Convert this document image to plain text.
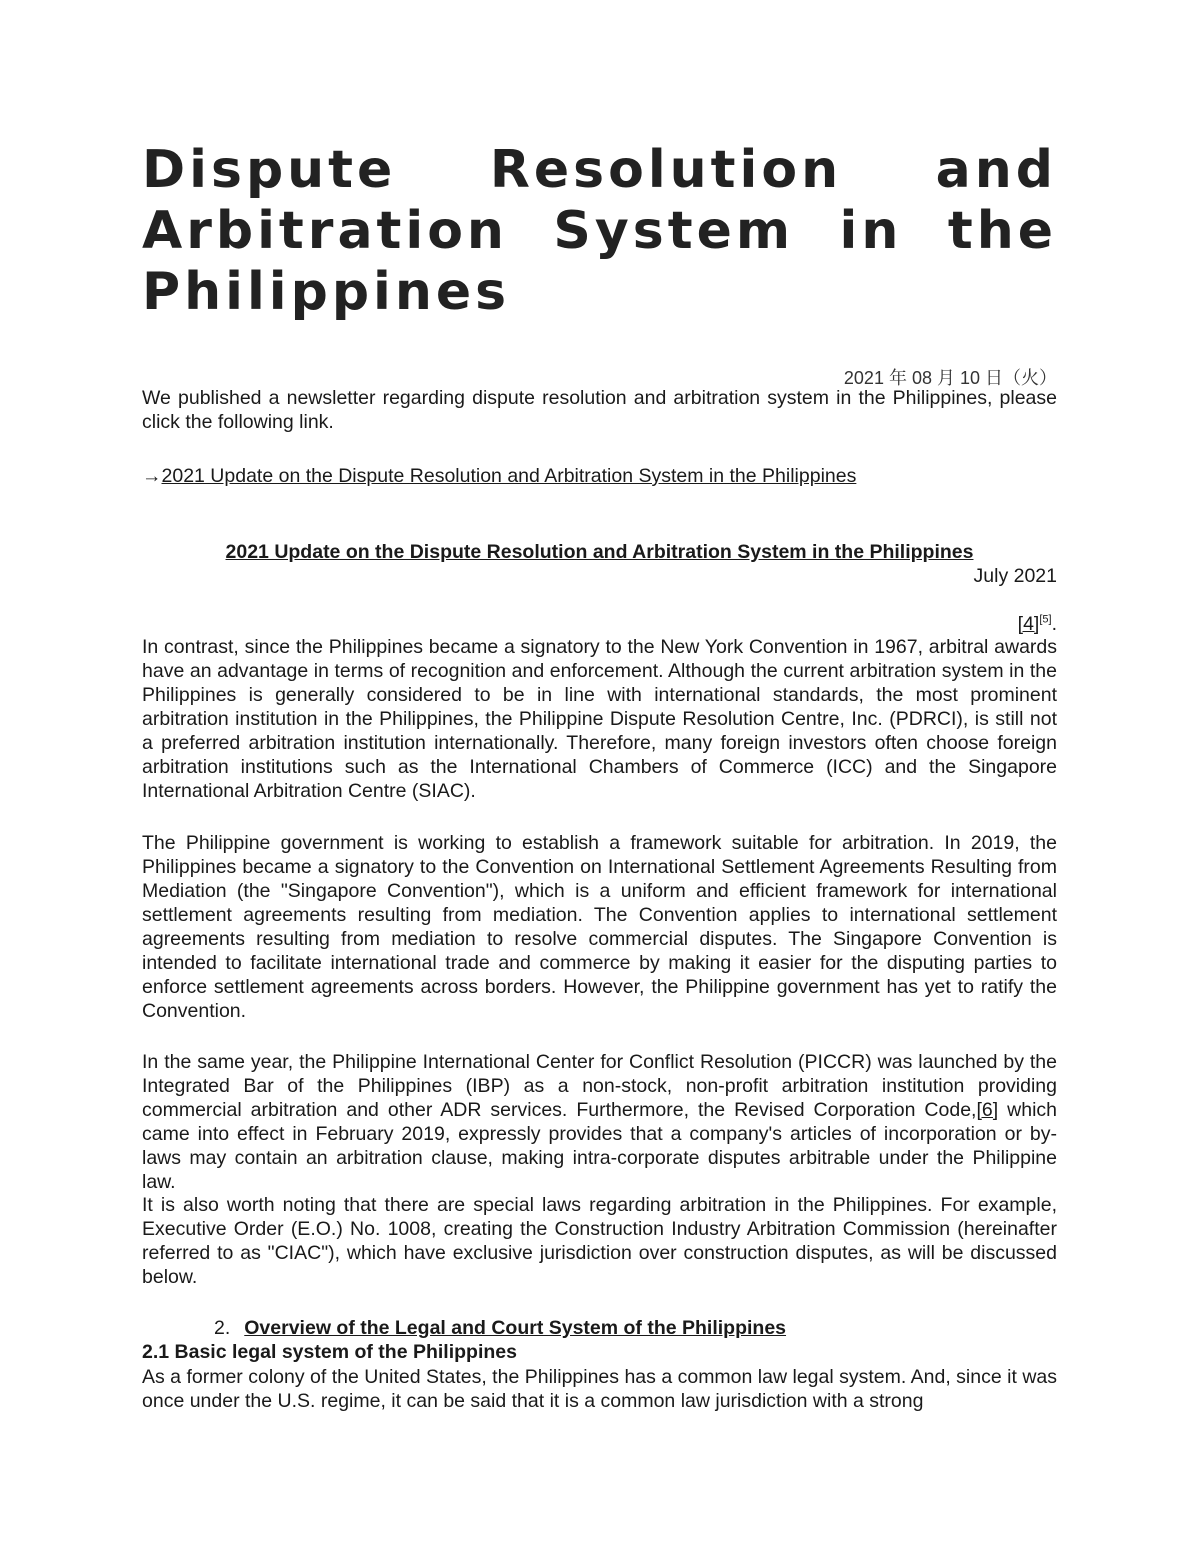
Dispute Resolution and Arbitration System in the Philippines
2021 年 08 月 10 日（火）

We published a newsletter regarding dispute resolution and arbitration system in the Philippines, please click the following link.

→2021 Update on the Dispute Resolution and Arbitration System in the Philippines

2021 Update on the Dispute Resolution and Arbitration System in the Philippines
July 2021
[4][5].

In contrast, since the Philippines became a signatory to the New York Convention in 1967, arbitral awards have an advantage in terms of recognition and enforcement. Although the current arbitration system in the Philippines is generally considered to be in line with international standards, the most prominent arbitration institution in the Philippines, the Philippine Dispute Resolution Centre, Inc. (PDRCI), is still not a preferred arbitration institution internationally. Therefore, many foreign investors often choose foreign arbitration institutions such as the International Chambers of Commerce (ICC) and the Singapore International Arbitration Centre (SIAC).

The Philippine government is working to establish a framework suitable for arbitration. In 2019, the Philippines became a signatory to the Convention on International Settlement Agreements Resulting from Mediation (the "Singapore Convention"), which is a uniform and efficient framework for international settlement agreements resulting from mediation. The Convention applies to international settlement agreements resulting from mediation to resolve commercial disputes. The Singapore Convention is intended to facilitate international trade and commerce by making it easier for the disputing parties to enforce settlement agreements across borders. However, the Philippine government has yet to ratify the Convention.

In the same year, the Philippine International Center for Conflict Resolution (PICCR) was launched by the Integrated Bar of the Philippines (IBP) as a non-stock, non-profit arbitration institution providing commercial arbitration and other ADR services. Furthermore, the Revised Corporation Code,[6] which came into effect in February 2019, expressly provides that a company's articles of incorporation or by-laws may contain an arbitration clause, making intra-corporate disputes arbitrable under the Philippine law.

It is also worth noting that there are special laws regarding arbitration in the Philippines. For example, Executive Order (E.O.) No. 1008, creating the Construction Industry Arbitration Commission (hereinafter referred to as "CIAC"), which have exclusive jurisdiction over construction disputes, as will be discussed below.

2. Overview of the Legal and Court System of the Philippines
2.1 Basic legal system of the Philippines

As a former colony of the United States, the Philippines has a common law legal system. And, since it was once under the U.S. regime, it can be said that it is a common law jurisdiction with a strong
